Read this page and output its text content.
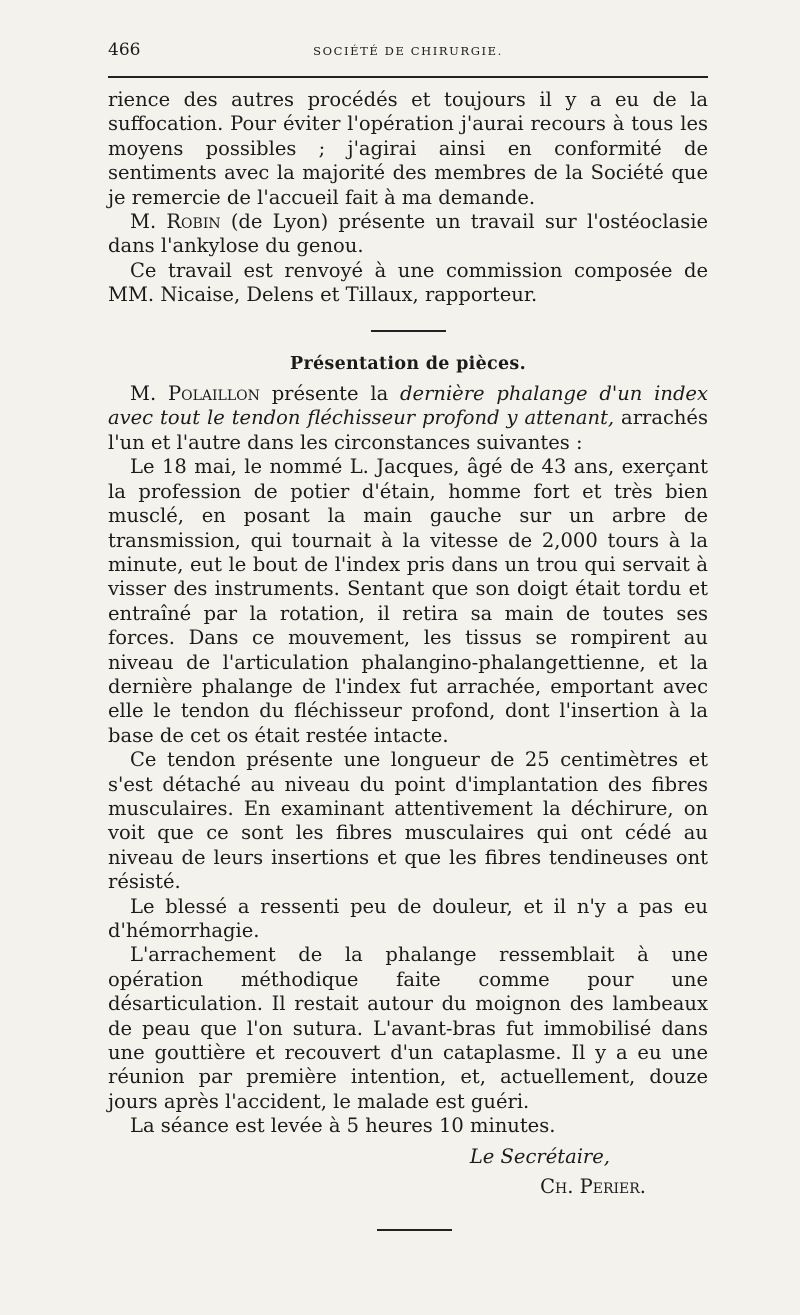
466	SOCIÉTÉ DE CHIRURGIE.

rience des autres procédés et toujours il y a eu de la suffocation. Pour éviter l'opération j'aurai recours à tous les moyens possibles ; j'agirai ainsi en conformité de sentiments avec la majorité des membres de la Société que je remercie de l'accueil fait à ma demande.

M. Robin (de Lyon) présente un travail sur l'ostéoclasie dans l'ankylose du genou.

Ce travail est renvoyé à une commission composée de MM. Nicaise, Delens et Tillaux, rapporteur.

Présentation de pièces.

M. Polaillon présente la dernière phalange d'un index avec tout le tendon fléchisseur profond y attenant, arrachés l'un et l'autre dans les circonstances suivantes :

Le 18 mai, le nommé L. Jacques, âgé de 43 ans, exerçant la profession de potier d'étain, homme fort et très bien musclé, en posant la main gauche sur un arbre de transmission, qui tournait à la vitesse de 2,000 tours à la minute, eut le bout de l'index pris dans un trou qui servait à visser des instruments. Sentant que son doigt était tordu et entraîné par la rotation, il retira sa main de toutes ses forces. Dans ce mouvement, les tissus se rompirent au niveau de l'articulation phalangino-phalangettienne, et la dernière phalange de l'index fut arrachée, emportant avec elle le tendon du fléchisseur profond, dont l'insertion à la base de cet os était restée intacte.

Ce tendon présente une longueur de 25 centimètres et s'est détaché au niveau du point d'implantation des fibres musculaires. En examinant attentivement la déchirure, on voit que ce sont les fibres musculaires qui ont cédé au niveau de leurs insertions et que les fibres tendineuses ont résisté.

Le blessé a ressenti peu de douleur, et il n'y a pas eu d'hémorrhagie.

L'arrachement de la phalange ressemblait à une opération méthodique faite comme pour une désarticulation. Il restait autour du moignon des lambeaux de peau que l'on sutura. L'avant-bras fut immobilisé dans une gouttière et recouvert d'un cataplasme. Il y a eu une réunion par première intention, et, actuellement, douze jours après l'accident, le malade est guéri.

La séance est levée à 5 heures 10 minutes.

Le Secrétaire,
Ch. Perier.
